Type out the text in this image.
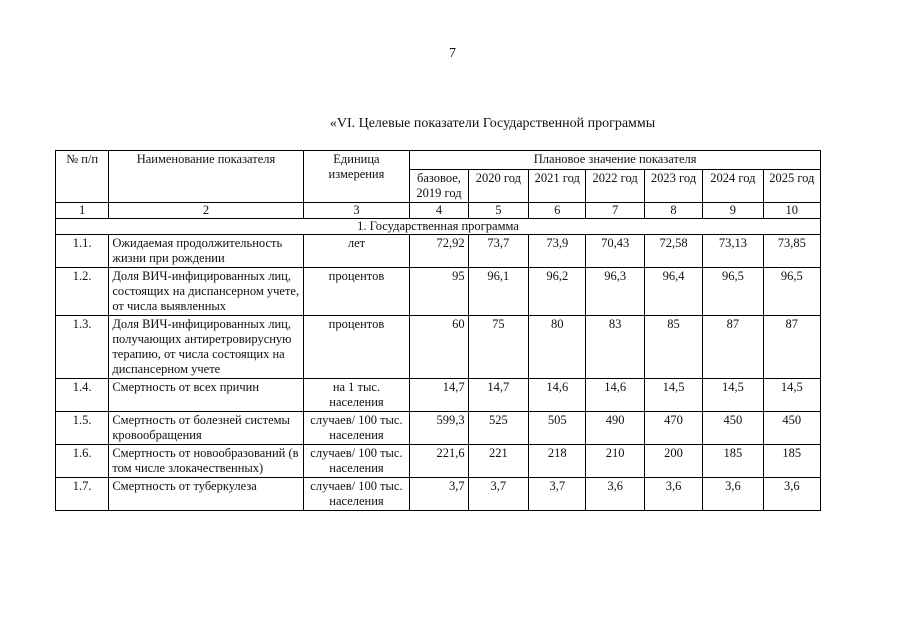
7
«VI. Целевые показатели Государственной программы
№ п/п	Наименование показателя	Единица измерения	Плановое значение показателя						
			базовое, 2019 год	2020 год	2021 год	2022 год	2023 год	2024 год	2025 год
1	2	3	4	5	6	7	8	9	10
1. Государственная программа									
1.1.	Ожидаемая продолжительность жизни при рождении	лет	72,92	73,7	73,9	70,43	72,58	73,13	73,85
1.2.	Доля ВИЧ-инфицированных лиц, состоящих на диспансерном учете, от числа выявленных	процентов	95	96,1	96,2	96,3	96,4	96,5	96,5
1.3.	Доля ВИЧ-инфицированных лиц, получающих антиретровирусную терапию, от числа состоящих на диспансерном учете	процентов	60	75	80	83	85	87	87
1.4.	Смертность от всех причин	на 1 тыс. населения	14,7	14,7	14,6	14,6	14,5	14,5	14,5
1.5.	Смертность от болезней системы кровообращения	случаев/ 100 тыс. населения	599,3	525	505	490	470	450	450
1.6.	Смертность от новообразований (в том числе злокачественных)	случаев/ 100 тыс. населения	221,6	221	218	210	200	185	185
1.7.	Смертность от туберкулеза	случаев/ 100 тыс. населения	3,7	3,7	3,7	3,6	3,6	3,6	3,6
